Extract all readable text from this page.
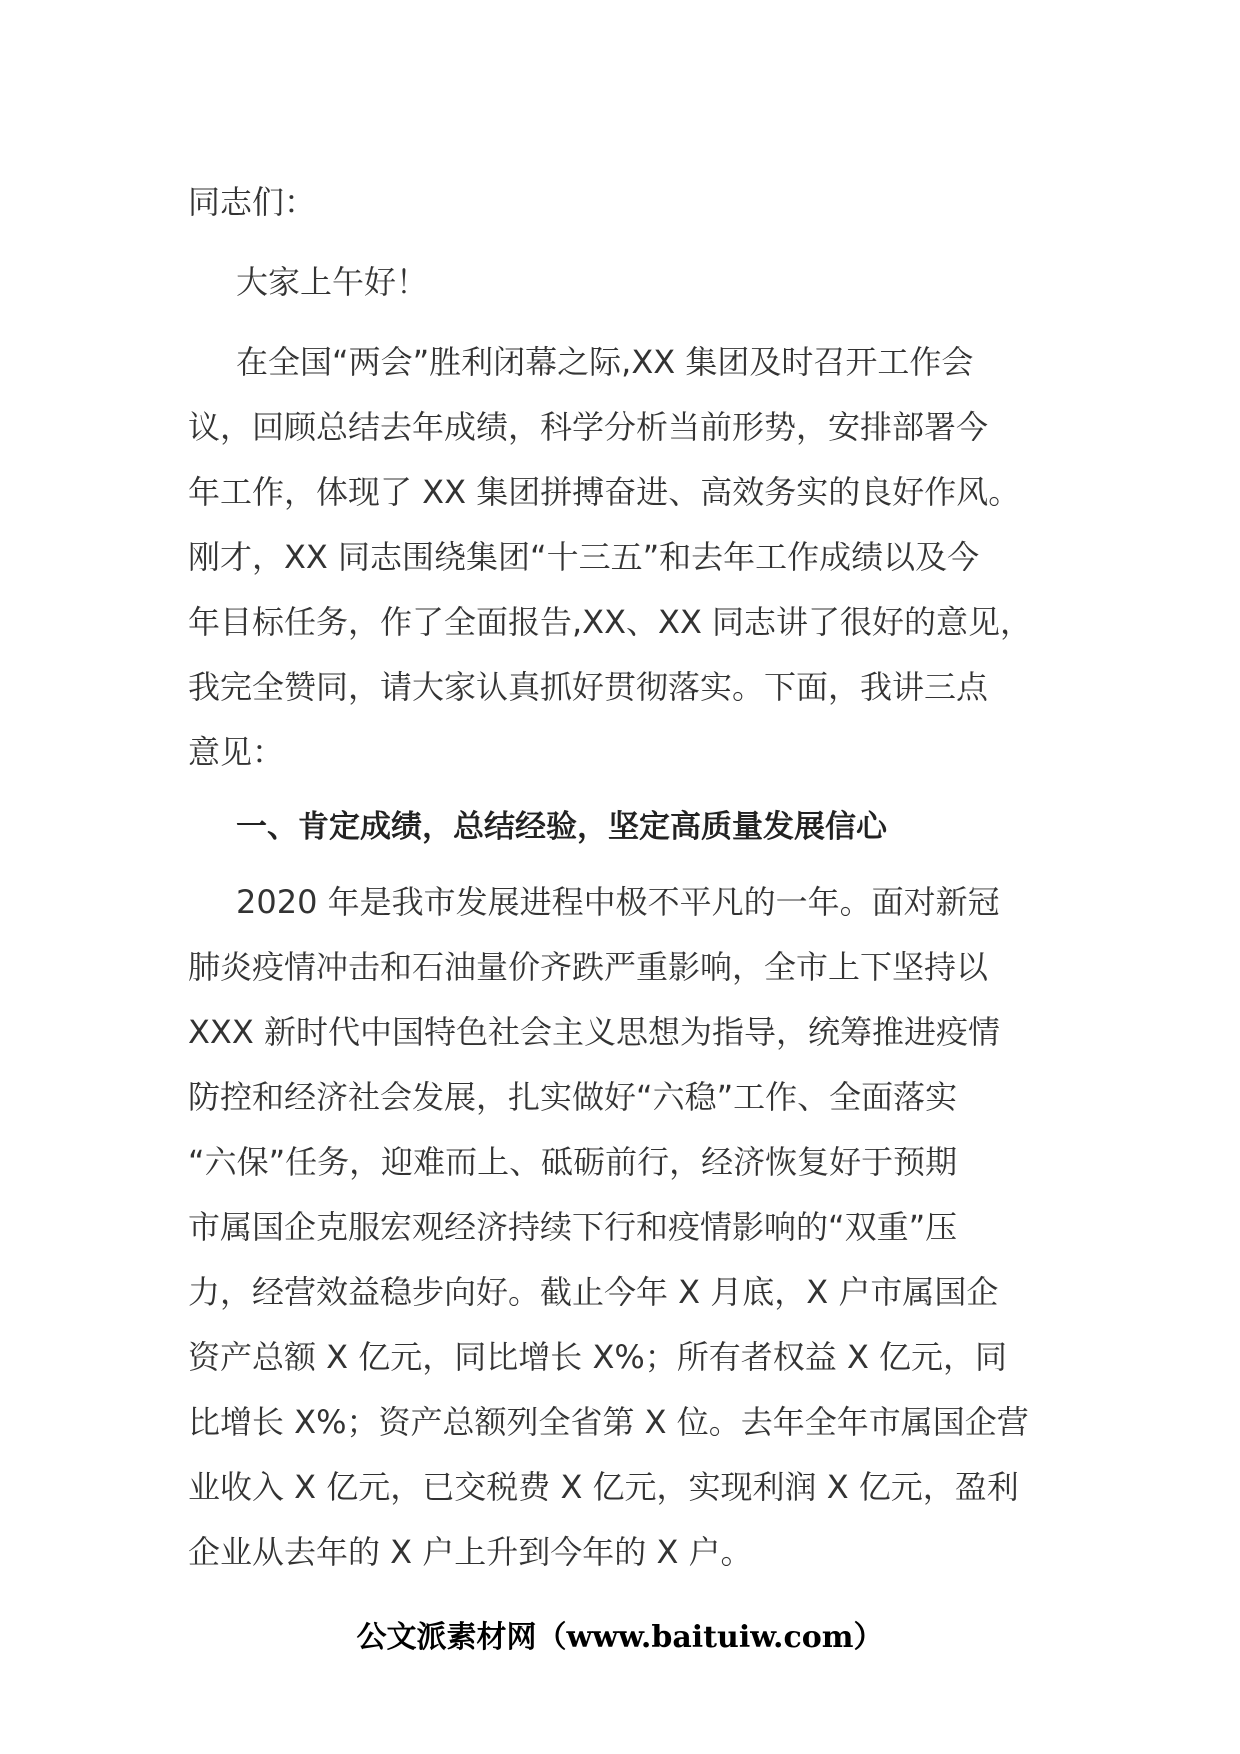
同志们：
大家上午好！
在全国“两会”胜利闭幕之际,XX 集团及时召开工作会
议，回顾总结去年成绩，科学分析当前形势，安排部署今
年工作，体现了 XX 集团拼搏奋进、高效务实的良好作风。
刚才，XX 同志围绕集团“十三五”和去年工作成绩以及今
年目标任务，作了全面报告,XX、XX 同志讲了很好的意见，
我完全赞同，请大家认真抓好贯彻落实。下面，我讲三点
意见：
一、肯定成绩，总结经验，坚定高质量发展信心
2020 年是我市发展进程中极不平凡的一年。面对新冠
肺炎疫情冲击和石油量价齐跌严重影响，全市上下坚持以
XXX 新时代中国特色社会主义思想为指导，统筹推进疫情
防控和经济社会发展，扎实做好“六稳”工作、全面落实
“六保”任务，迎难而上、砥砺前行，经济恢复好于预期
市属国企克服宏观经济持续下行和疫情影响的“双重”压
力，经营效益稳步向好。截止今年 X 月底，X 户市属国企
资产总额 X 亿元，同比增长 X%；所有者权益 X 亿元，同
比增长 X%；资产总额列全省第 X 位。去年全年市属国企营
业收入 X 亿元，已交税费 X 亿元，实现利润 X 亿元，盈利
企业从去年的 X 户上升到今年的 X 户。
公文派素材网（www.baituiw.com）
